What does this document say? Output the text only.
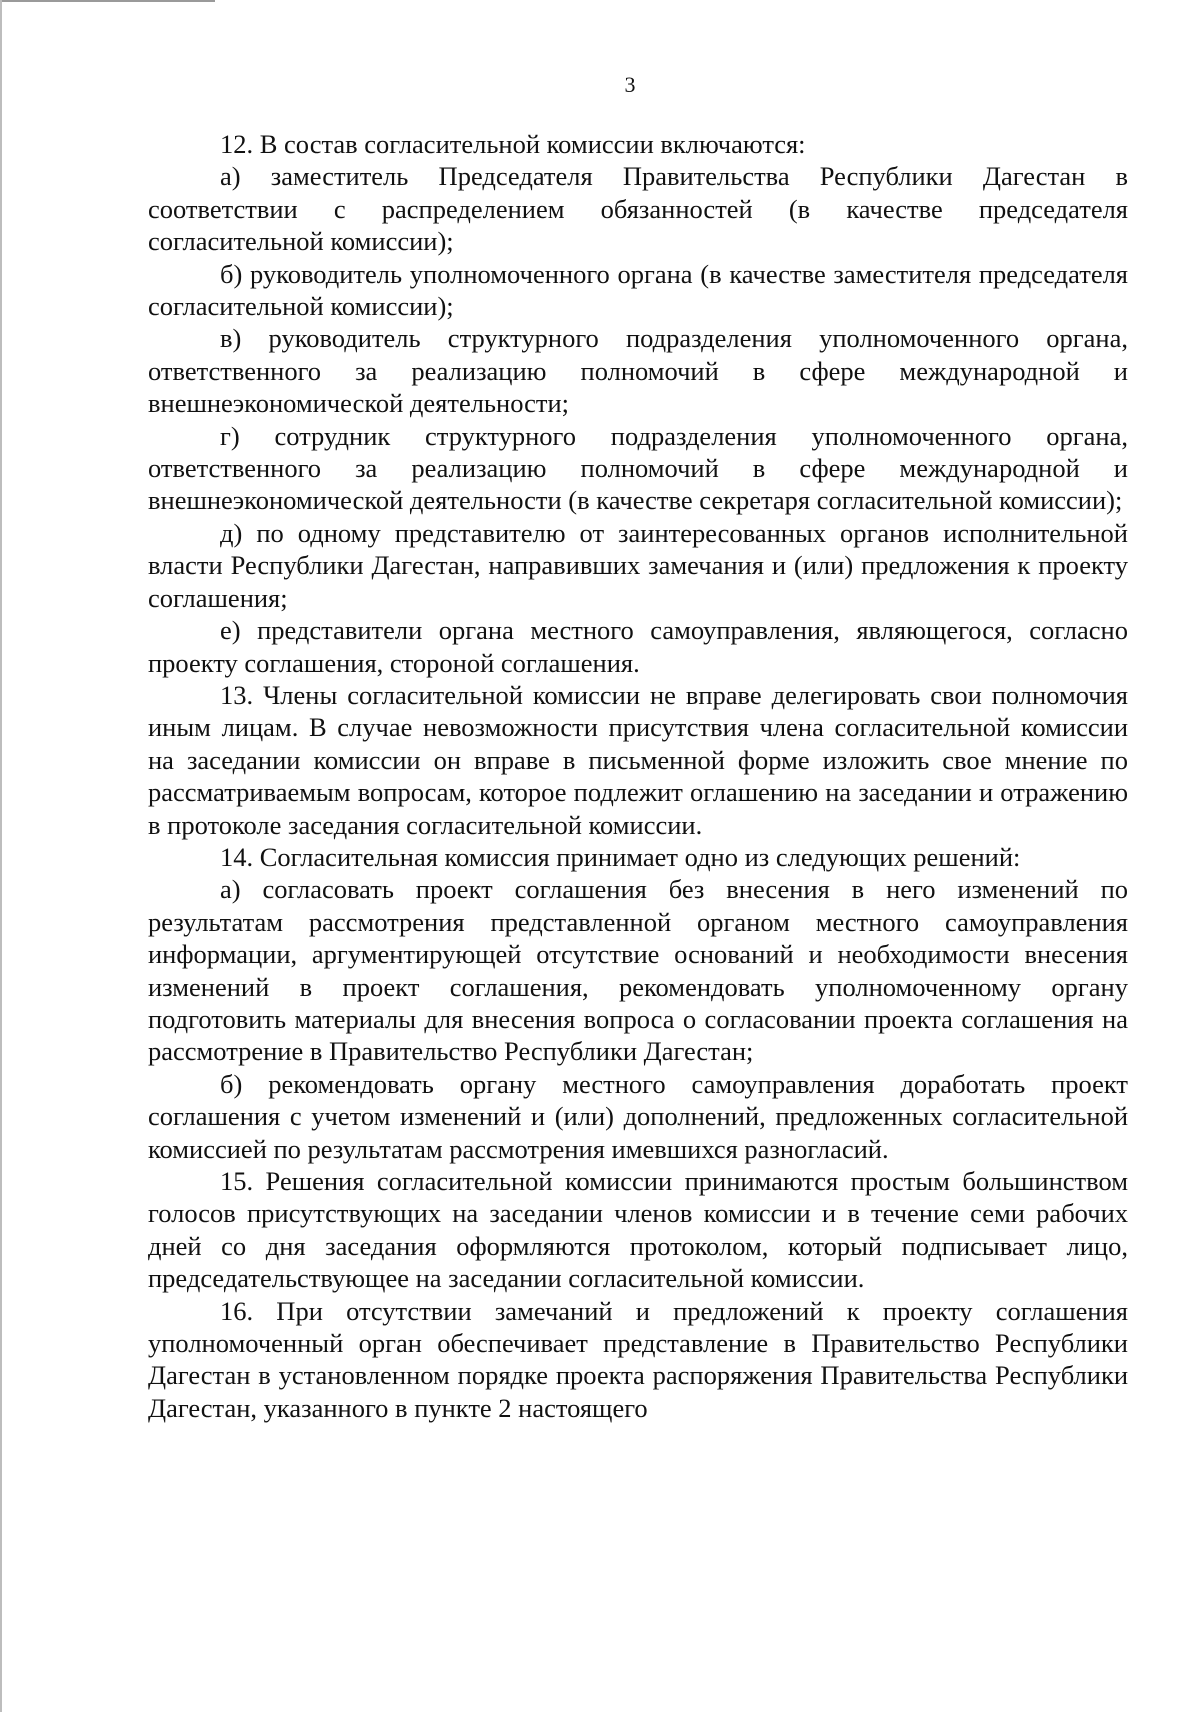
3

12. В состав согласительной комиссии включаются:

а) заместитель Председателя Правительства Республики Дагестан в соответствии с распределением обязанностей (в качестве председателя согласительной комиссии);

б) руководитель уполномоченного органа (в качестве заместителя председателя согласительной комиссии);

в) руководитель структурного подразделения уполномоченного органа, ответственного за реализацию полномочий в сфере международной и внешнеэкономической деятельности;

г) сотрудник структурного подразделения уполномоченного органа, ответственного за реализацию полномочий в сфере международной и внешнеэкономической деятельности (в качестве секретаря согласительной комиссии);

д) по одному представителю от заинтересованных органов исполнительной власти Республики Дагестан, направивших замечания и (или) предложения к проекту соглашения;

е) представители органа местного самоуправления, являющегося, согласно проекту соглашения, стороной соглашения.

13. Члены согласительной комиссии не вправе делегировать свои полномочия иным лицам. В случае невозможности присутствия члена согласительной комиссии на заседании комиссии он вправе в письменной форме изложить свое мнение по рассматриваемым вопросам, которое подлежит оглашению на заседании и отражению в протоколе заседания согласительной комиссии.

14. Согласительная комиссия принимает одно из следующих решений:

а) согласовать проект соглашения без внесения в него изменений по результатам рассмотрения представленной органом местного самоуправления информации, аргументирующей отсутствие оснований и необходимости внесения изменений в проект соглашения, рекомендовать уполномоченному органу подготовить материалы для внесения вопроса о согласовании проекта соглашения на рассмотрение в Правительство Республики Дагестан;

б) рекомендовать органу местного самоуправления доработать проект соглашения с учетом изменений и (или) дополнений, предложенных согласительной комиссией по результатам рассмотрения имевшихся разногласий.

15. Решения согласительной комиссии принимаются простым большинством голосов присутствующих на заседании членов комиссии и в течение семи рабочих дней со дня заседания оформляются протоколом, который подписывает лицо, председательствующее на заседании согласительной комиссии.

16. При отсутствии замечаний и предложений к проекту соглашения уполномоченный орган обеспечивает представление в Правительство Республики Дагестан в установленном порядке проекта распоряжения Правительства Республики Дагестан, указанного в пункте 2 настоящего
